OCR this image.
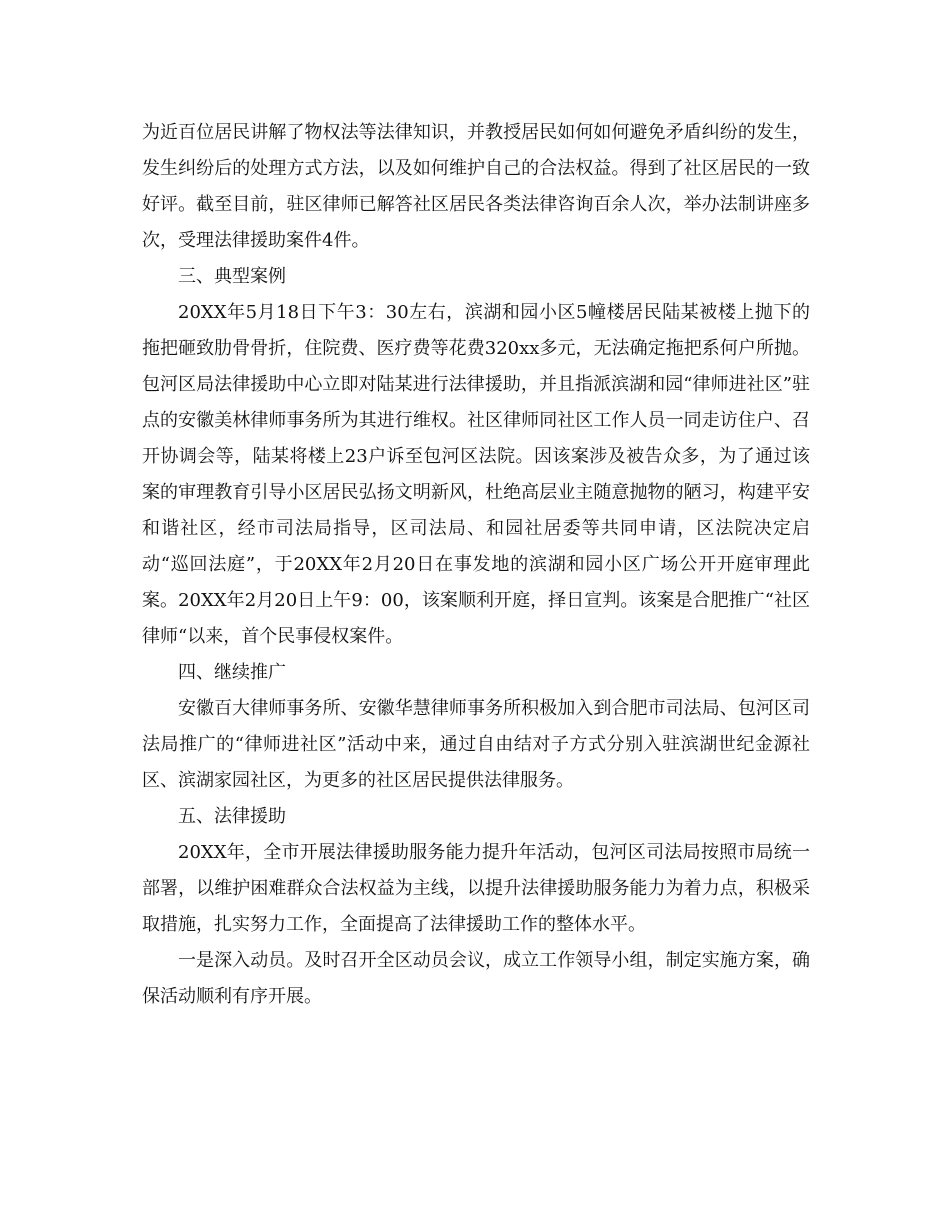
为近百位居民讲解了物权法等法律知识，并教授居民如何如何避免矛盾纠纷的发生，发生纠纷后的处理方式方法，以及如何维护自己的合法权益。得到了社区居民的一致好评。截至目前，驻区律师已解答社区居民各类法律咨询百余人次，举办法制讲座多次，受理法律援助案件4件。

三、典型案例

20XX年5月18日下午3：30左右，滨湖和园小区5幢楼居民陆某被楼上抛下的拖把砸致肋骨骨折，住院费、医疗费等花费320xx多元，无法确定拖把系何户所抛。包河区局法律援助中心立即对陆某进行法律援助，并且指派滨湖和园“律师进社区”驻点的安徽美林律师事务所为其进行维权。社区律师同社区工作人员一同走访住户、召开协调会等，陆某将楼上23户诉至包河区法院。因该案涉及被告众多，为了通过该案的审理教育引导小区居民弘扬文明新风，杜绝高层业主随意抛物的陋习，构建平安和谐社区，经市司法局指导，区司法局、和园社居委等共同申请，区法院决定启动“巡回法庭”，于20XX年2月20日在事发地的滨湖和园小区广场公开开庭审理此案。20XX年2月20日上午9：00，该案顺利开庭，择日宣判。该案是合肥推广“社区律师“以来，首个民事侵权案件。

四、继续推广

安徽百大律师事务所、安徽华慧律师事务所积极加入到合肥市司法局、包河区司法局推广的“律师进社区”活动中来，通过自由结对子方式分别入驻滨湖世纪金源社区、滨湖家园社区，为更多的社区居民提供法律服务。

五、法律援助

20XX年，全市开展法律援助服务能力提升年活动，包河区司法局按照市局统一部署，以维护困难群众合法权益为主线，以提升法律援助服务能力为着力点，积极采取措施，扎实努力工作，全面提高了法律援助工作的整体水平。

一是深入动员。及时召开全区动员会议，成立工作领导小组，制定实施方案，确保活动顺利有序开展。
